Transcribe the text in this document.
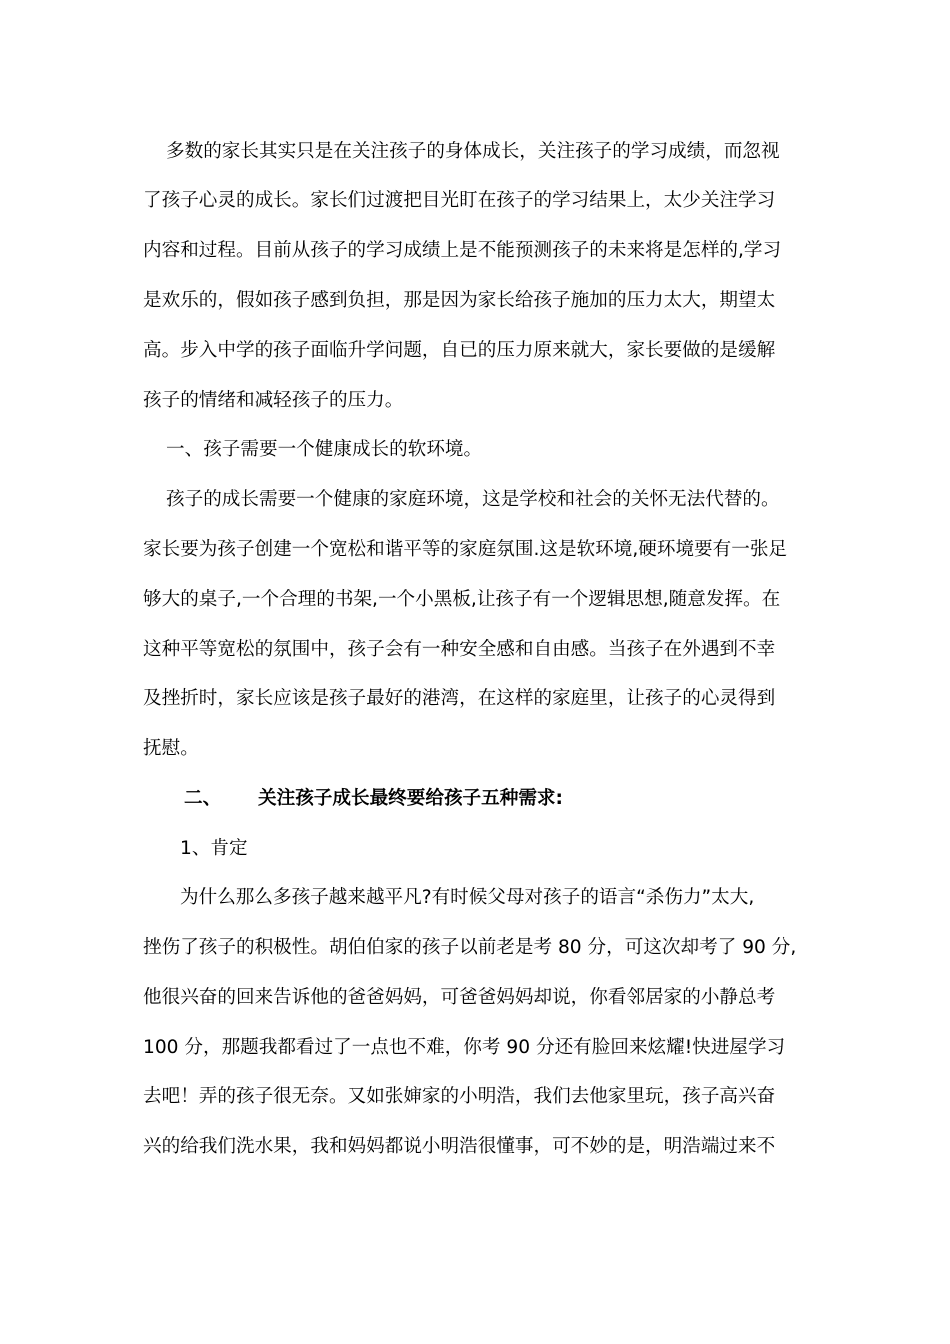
多数的家长其实只是在关注孩子的身体成长，关注孩子的学习成绩，而忽视
了孩子心灵的成长。家长们过渡把目光盯在孩子的学习结果上，太少关注学习
内容和过程。目前从孩子的学习成绩上是不能预测孩子的未来将是怎样的,学习
是欢乐的，假如孩子感到负担，那是因为家长给孩子施加的压力太大，期望太
高。步入中学的孩子面临升学问题，自已的压力原来就大，家长要做的是缓解
孩子的情绪和减轻孩子的压力。
一、孩子需要一个健康成长的软环境。
孩子的成长需要一个健康的家庭环境，这是学校和社会的关怀无法代替的。
家长要为孩子创建一个宽松和谐平等的家庭氛围.这是软环境,硬环境要有一张足
够大的桌子,一个合理的书架,一个小黑板,让孩子有一个逻辑思想,随意发挥。在
这种平等宽松的氛围中，孩子会有一种安全感和自由感。当孩子在外遇到不幸
及挫折时，家长应该是孩子最好的港湾，在这样的家庭里，让孩子的心灵得到
抚慰。
二、 关注孩子成长最终要给孩子五种需求:
1、肯定
为什么那么多孩子越来越平凡?有时候父母对孩子的语言“杀伤力”太大,
挫伤了孩子的积极性。胡伯伯家的孩子以前老是考 80 分，可这次却考了 90 分,
他很兴奋的回来告诉他的爸爸妈妈，可爸爸妈妈却说，你看邻居家的小静总考
100 分，那题我都看过了一点也不难，你考 90 分还有脸回来炫耀!快进屋学习
去吧！弄的孩子很无奈。又如张婶家的小明浩，我们去他家里玩，孩子高兴奋
兴的给我们洗水果，我和妈妈都说小明浩很懂事，可不妙的是，明浩端过来不
